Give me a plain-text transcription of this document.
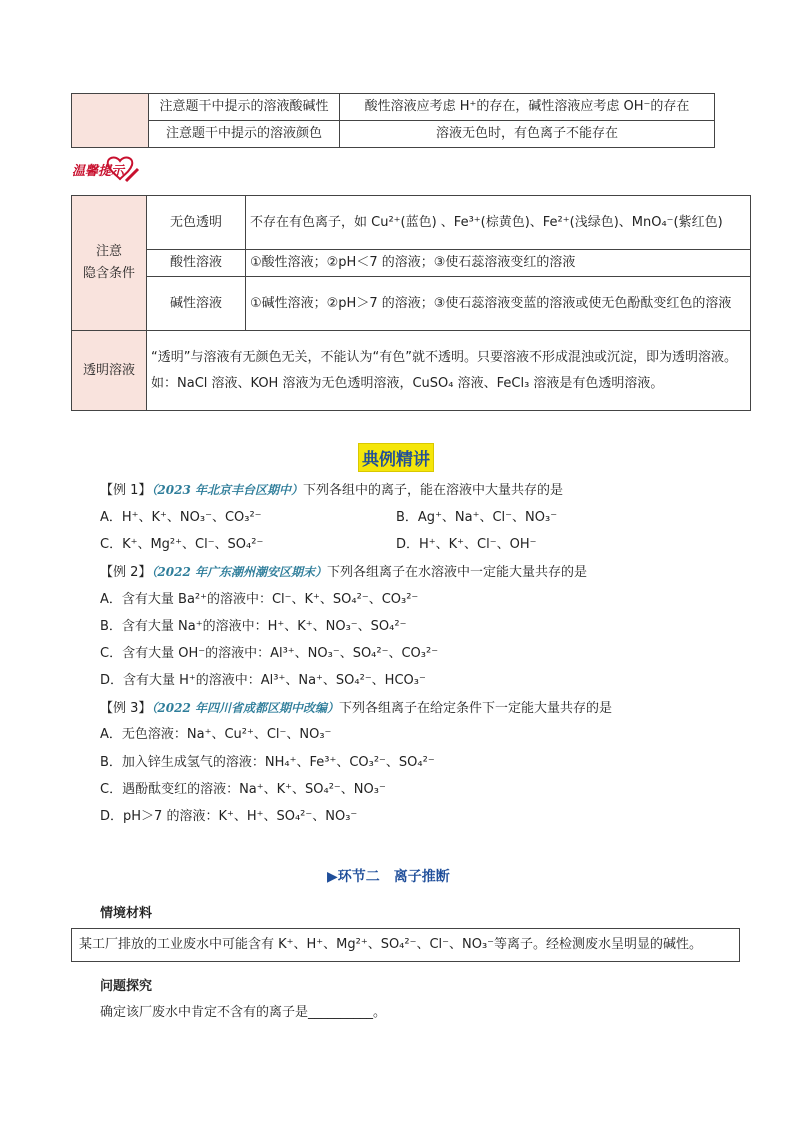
	注意题干中提示的溶液酸碱性	酸性溶液应考虑 H⁺的存在，碱性溶液应考虑 OH⁻的存在
	注意题干中提示的溶液颜色	溶液无色时，有色离子不能存在
温馨提示
注意
隐含条件	无色透明	不存在有色离子，如 Cu²⁺(蓝色) 、Fe³⁺(棕黄色)、Fe²⁺(浅绿色)、MnO₄⁻(紫红色)
	酸性溶液	①酸性溶液；②pH＜7 的溶液；③使石蕊溶液变红的溶液
	碱性溶液	①碱性溶液；②pH＞7 的溶液；③使石蕊溶液变蓝的溶液或使无色酚酞变红色的溶液
透明溶液	“透明”与溶液有无颜色无关，不能认为“有色”就不透明。只要溶液不形成混浊或沉淀，即为透明溶液。如：NaCl 溶液、KOH 溶液为无色透明溶液，CuSO₄ 溶液、FeCl₃ 溶液是有色透明溶液。	
典例精讲
【例 1】（2023 年北京丰台区期中）下列各组中的离子，能在溶液中大量共存的是
A．H⁺、K⁺、NO₃⁻、CO₃²⁻	B．Ag⁺、Na⁺、Cl⁻、NO₃⁻
C．K⁺、Mg²⁺、Cl⁻、SO₄²⁻	D．H⁺、K⁺、Cl⁻、OH⁻
【例 2】（2022 年广东潮州潮安区期末）下列各组离子在水溶液中一定能大量共存的是
A．含有大量 Ba²⁺的溶液中：Cl⁻、K⁺、SO₄²⁻、CO₃²⁻
B．含有大量 Na⁺的溶液中：H⁺、K⁺、NO₃⁻、SO₄²⁻
C．含有大量 OH⁻的溶液中：Al³⁺、NO₃⁻、SO₄²⁻、CO₃²⁻
D．含有大量 H⁺的溶液中：Al³⁺、Na⁺、SO₄²⁻、HCO₃⁻
【例 3】（2022 年四川省成都区期中改编）下列各组离子在给定条件下一定能大量共存的是
A．无色溶液：Na⁺、Cu²⁺、Cl⁻、NO₃⁻
B．加入锌生成氢气的溶液：NH₄⁺、Fe³⁺、CO₃²⁻、SO₄²⁻
C．遇酚酞变红的溶液：Na⁺、K⁺、SO₄²⁻、NO₃⁻
D．pH＞7 的溶液：K⁺、H⁺、SO₄²⁻、NO₃⁻
▶环节二　离子推断
情境材料
某工厂排放的工业废水中可能含有 K⁺、H⁺、Mg²⁺、SO₄²⁻、Cl⁻、NO₃⁻等离子。经检测废水呈明显的碱性。
问题探究
确定该厂废水中肯定不含有的离子是__________。
